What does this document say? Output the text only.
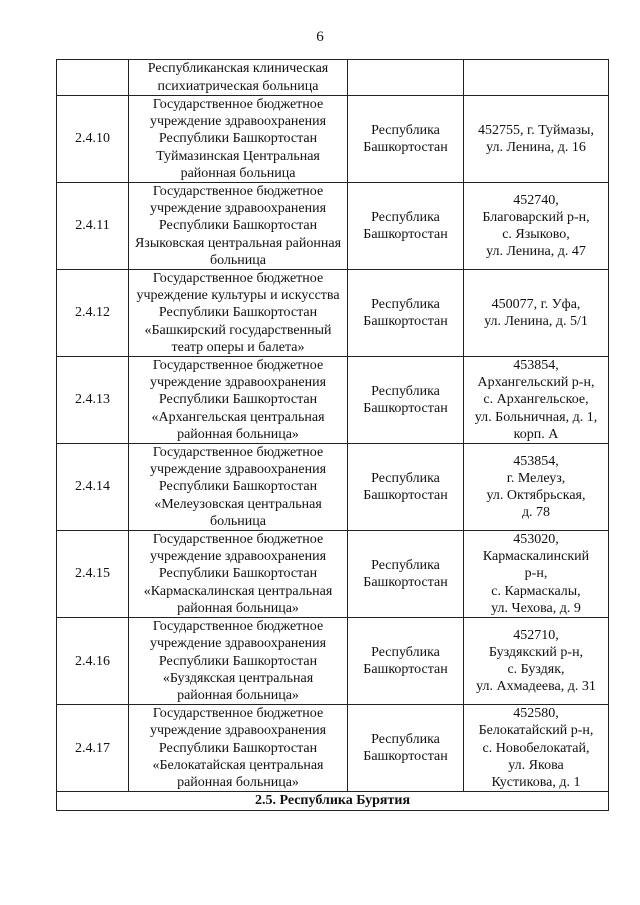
6
	Республиканская клиническая
психиатрическая больница		
2.4.10	Государственное бюджетное
учреждение здравоохранения
Республики Башкортостан
Туймазинская Центральная
районная больница	Республика
Башкортостан	452755, г. Туймазы,
ул. Ленина, д. 16
2.4.11	Государственное бюджетное
учреждение здравоохранения
Республики Башкортостан
Языковская центральная районная
больница	Республика
Башкортостан	452740,
Благоварский р-н,
с. Языково,
ул. Ленина, д. 47
2.4.12	Государственное бюджетное
учреждение культуры и искусства
Республики Башкортостан
«Башкирский государственный
театр оперы и балета»	Республика
Башкортостан	450077, г. Уфа,
ул. Ленина, д. 5/1
2.4.13	Государственное бюджетное
учреждение здравоохранения
Республики Башкортостан
«Архангельская центральная
районная больница»	Республика
Башкортостан	453854,
Архангельский р-н,
с. Архангельское,
ул. Больничная, д. 1,
корп. А
2.4.14	Государственное бюджетное
учреждение здравоохранения
Республики Башкортостан
«Мелеузовская центральная
больница	Республика
Башкортостан	453854,
г. Мелеуз,
ул. Октябрьская,
д. 78
2.4.15	Государственное бюджетное
учреждение здравоохранения
Республики Башкортостан
«Кармаскалинская центральная
районная больница»	Республика
Башкортостан	453020,
Кармаскалинский
р-н,
с. Кармаскалы,
ул. Чехова, д. 9
2.4.16	Государственное бюджетное
учреждение здравоохранения
Республики Башкортостан
«Буздякская центральная
районная больница»	Республика
Башкортостан	452710,
Буздякский р-н,
с. Буздяк,
ул. Ахмадеева, д. 31
2.4.17	Государственное бюджетное
учреждение здравоохранения
Республики Башкортостан
«Белокатайская центральная
районная больница»	Республика
Башкортостан	452580,
Белокатайский р-н,
с. Новобелокатай,
ул. Якова
Кустикова, д. 1
2.5. Республика Бурятия			
